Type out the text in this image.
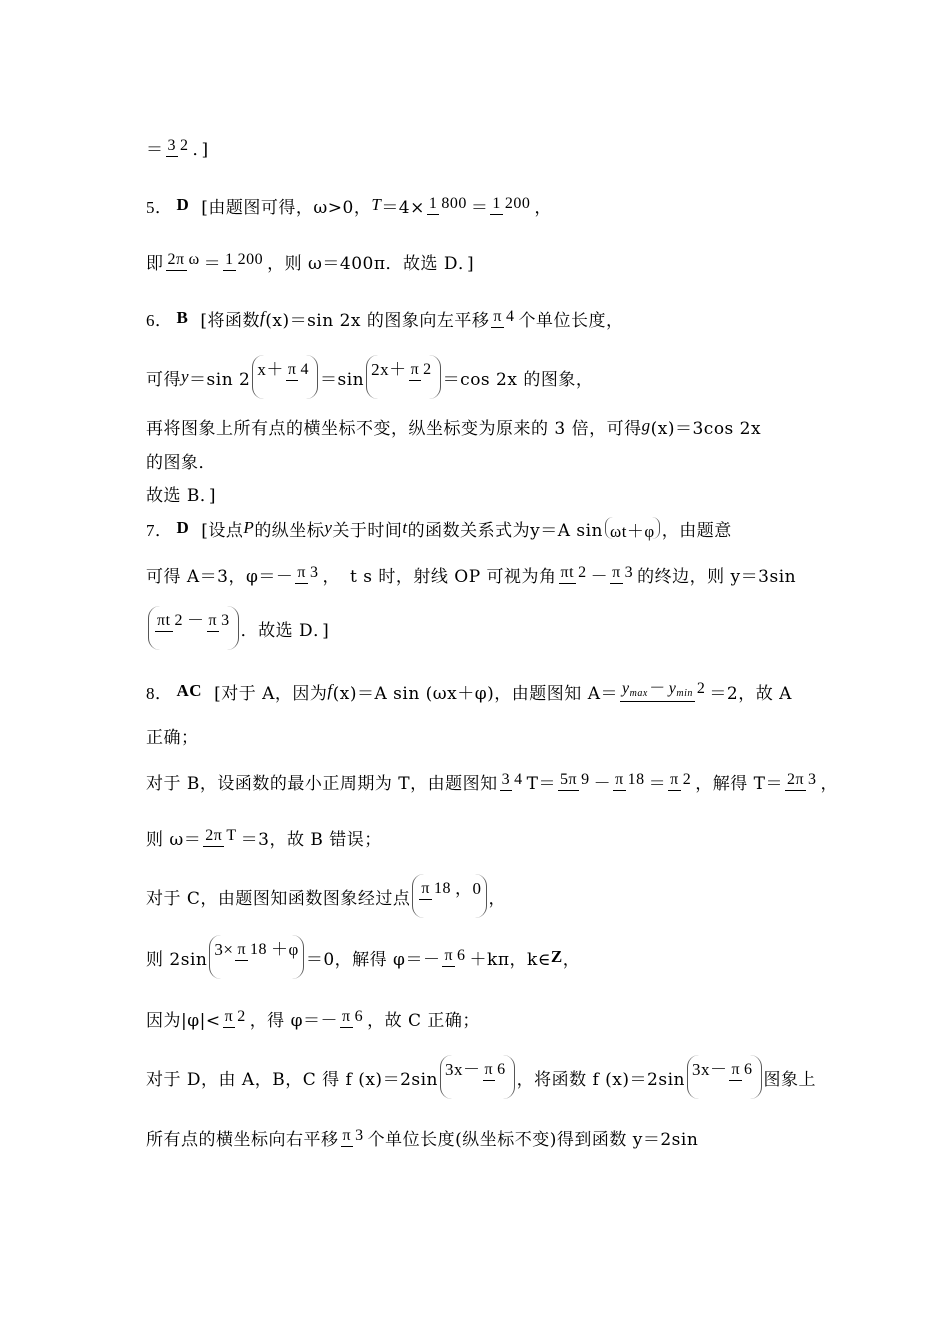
＝ 3 2 ．]
5． D [由题图可得，ω>0， T ＝4× 1 800 ＝ 1 200 ，
即 2π ω ＝ 1 200 ，则 ω＝400π．故选 D．]
6． B [将函数 f (x)＝sin 2x 的图象向左平移 π 4 个单位长度，
可得 y ＝sin 2 x＋ π 4 ＝sin 2x＋ π 2 ＝cos 2x 的图象，
再将图象上所有点的横坐标不变，纵坐标变为原来的 3 倍，可得 g (x)＝3cos 2x
的图象．
故选 B．]
7． D [设点 P 的纵坐标 y 关于时间 t 的函数关系式为 y＝A sin ωt＋φ ，由题意
可得 A＝3，φ＝－ π 3 ， t s 时，射线 OP 可视为角 πt 2 － π 3 的终边，则 y＝3sin
πt 2 － π 3 ．故选 D．]
8． AC [对于 A，因为 f (x)＝A sin (ωx＋φ)，由题图知 A＝ ymax－ ymin 2 ＝2，故 A
正确；
对于 B，设函数的最小正周期为 T，由题图知 3 4 T＝ 5π 9 － π 18 ＝ π 2 ，解得 T＝ 2π 3 ，
则 ω＝ 2π T ＝3，故 B 错误；
对于 C，由题图知函数图象经过点 π 18 ，0 ，
则 2sin 3× π 18 ＋φ ＝0，解得 φ＝－ π 6 ＋kπ，k∈ Z ，
因为|φ|< π 2 ，得 φ＝－ π 6 ，故 C 正确；
对于 D，由 A，B，C 得 f (x)＝2sin 3x－ π 6 ，将函数 f (x)＝2sin 3x－ π 6 图象上
所有点的横坐标向右平移 π 3 个单位长度(纵坐标不变)得到函数 y＝2sin
